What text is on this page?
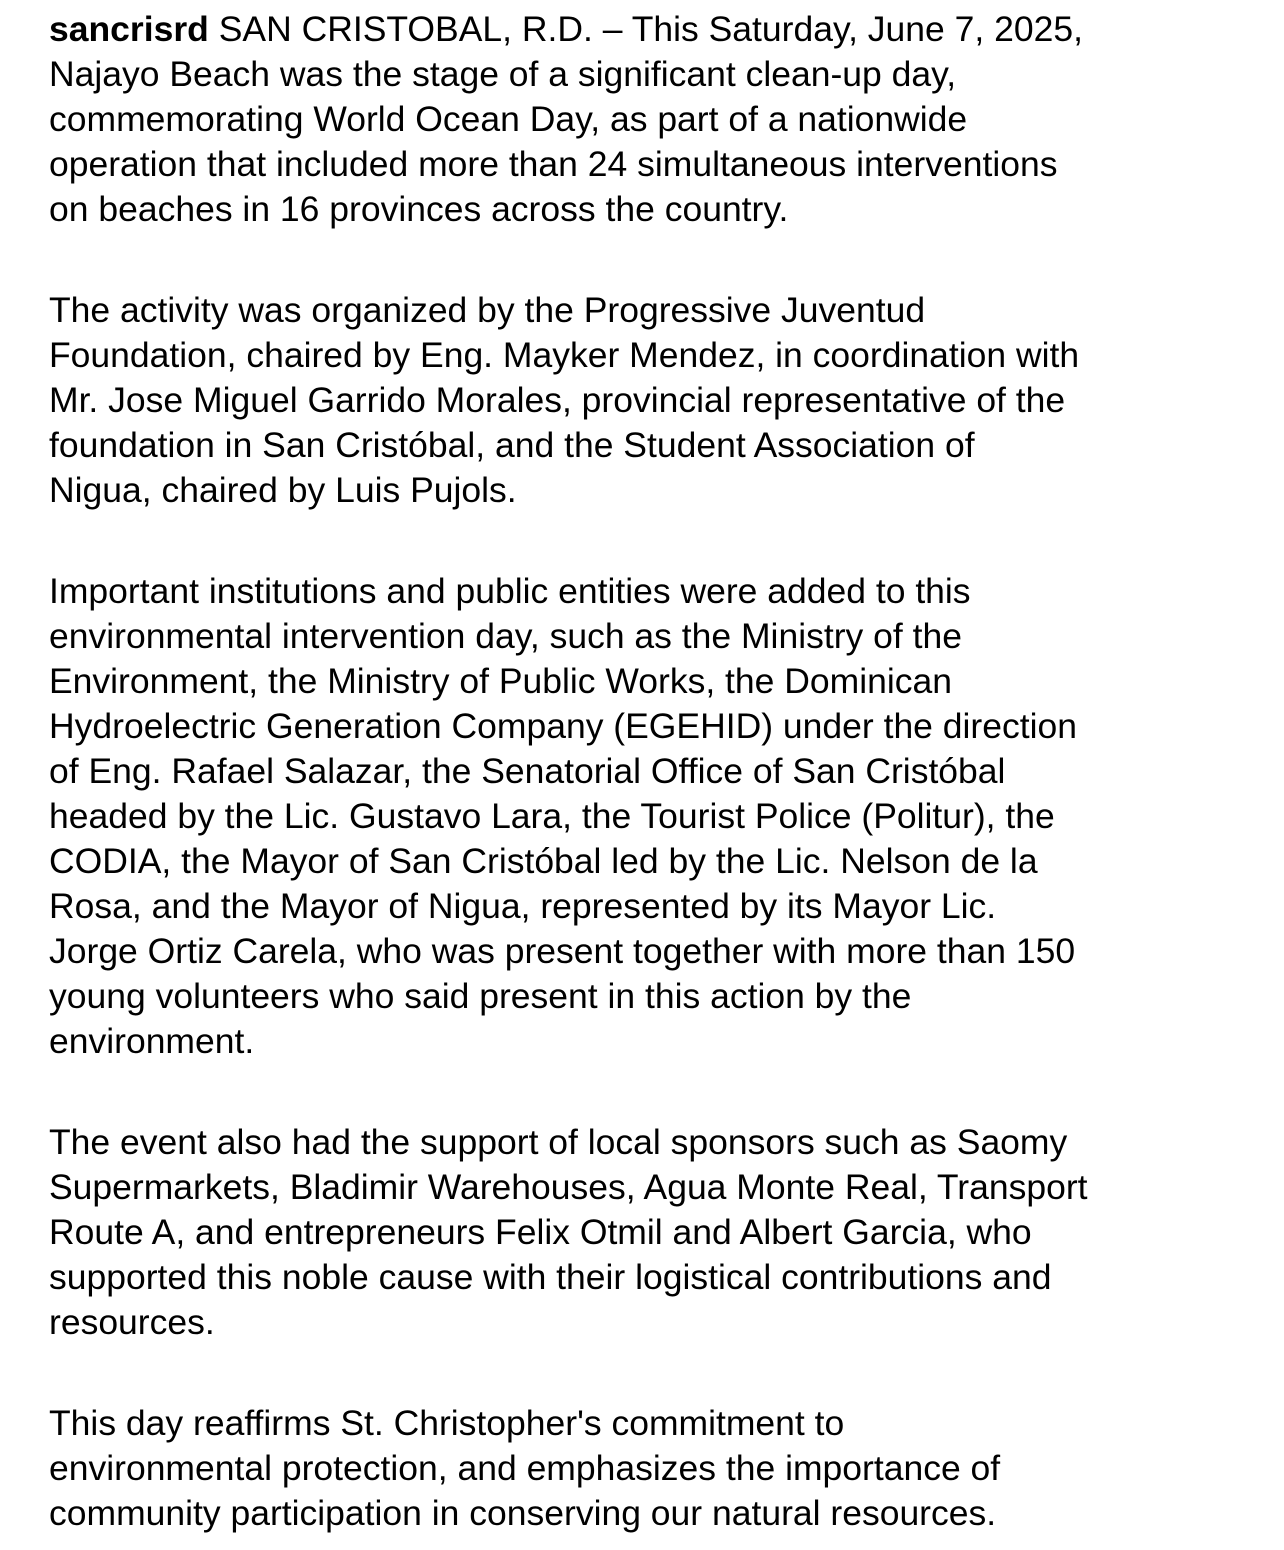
sancrisrd SAN CRISTOBAL, R.D. – This Saturday, June 7, 2025,
Najayo Beach was the stage of a significant clean-up day,
commemorating World Ocean Day, as part of a nationwide
operation that included more than 24 simultaneous interventions
on beaches in 16 provinces across the country.

The activity was organized by the Progressive Juventud
Foundation, chaired by Eng. Mayker Mendez, in coordination with
Mr. Jose Miguel Garrido Morales, provincial representative of the
foundation in San Cristóbal, and the Student Association of
Nigua, chaired by Luis Pujols.

Important institutions and public entities were added to this
environmental intervention day, such as the Ministry of the
Environment, the Ministry of Public Works, the Dominican
Hydroelectric Generation Company (EGEHID) under the direction
of Eng. Rafael Salazar, the Senatorial Office of San Cristóbal
headed by the Lic. Gustavo Lara, the Tourist Police (Politur), the
CODIA, the Mayor of San Cristóbal led by the Lic. Nelson de la
Rosa, and the Mayor of Nigua, represented by its Mayor Lic.
Jorge Ortiz Carela, who was present together with more than 150
young volunteers who said present in this action by the
environment.

The event also had the support of local sponsors such as Saomy
Supermarkets, Bladimir Warehouses, Agua Monte Real, Transport
Route A, and entrepreneurs Felix Otmil and Albert Garcia, who
supported this noble cause with their logistical contributions and
resources.

This day reaffirms St. Christopher's commitment to
environmental protection, and emphasizes the importance of
community participation in conserving our natural resources.
